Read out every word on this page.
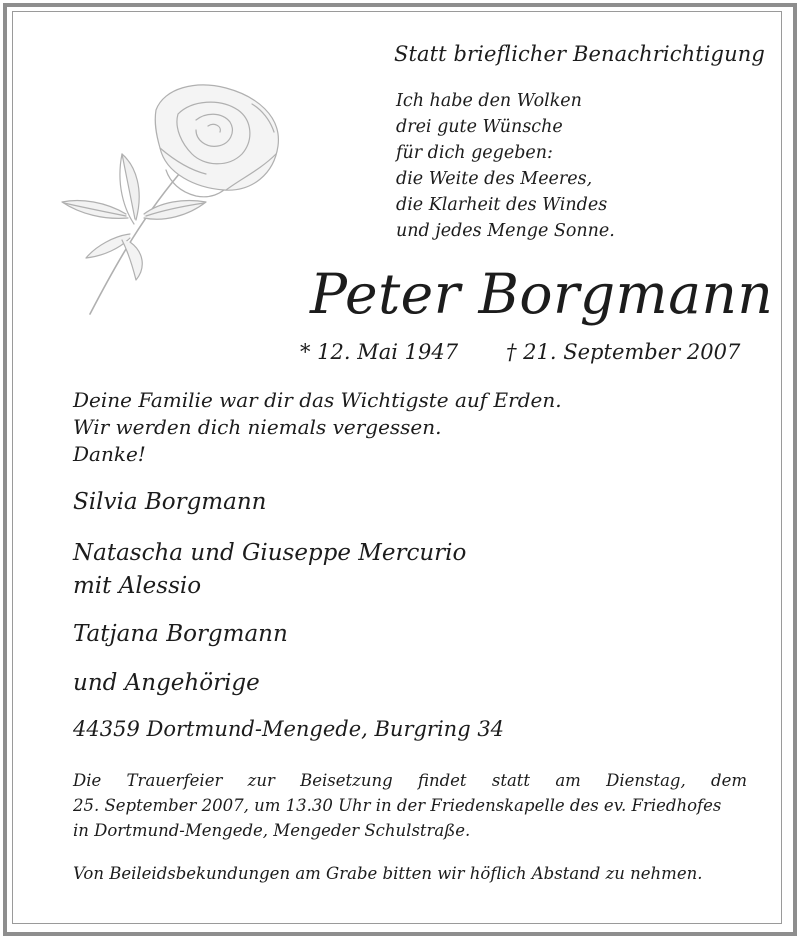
Statt brieflicher Benachrichtigung

Ich habe den Wolken
drei gute Wünsche
für dich gegeben:
die Weite des Meeres,
die Klarheit des Windes
und jedes Menge Sonne.
Peter Borgmann

* 12. Mai 1947 † 21. September 2007

Deine Familie war dir das Wichtigste auf Erden.
Wir werden dich niemals vergessen.
Danke!

Silvia Borgmann

Natascha und Giuseppe Mercurio

mit Alessio

Tatjana Borgmann

und Angehörige

44359 Dortmund-Mengede, Burgring 34

Die Trauerfeier zur Beisetzung findet statt am Dienstag, dem
25. September 2007, um 13.30 Uhr in der Friedenskapelle des ev. Friedhofes
in Dortmund-Mengede, Mengeder Schulstraße.

Von Beileidsbekundungen am Grabe bitten wir höflich Abstand zu nehmen.
